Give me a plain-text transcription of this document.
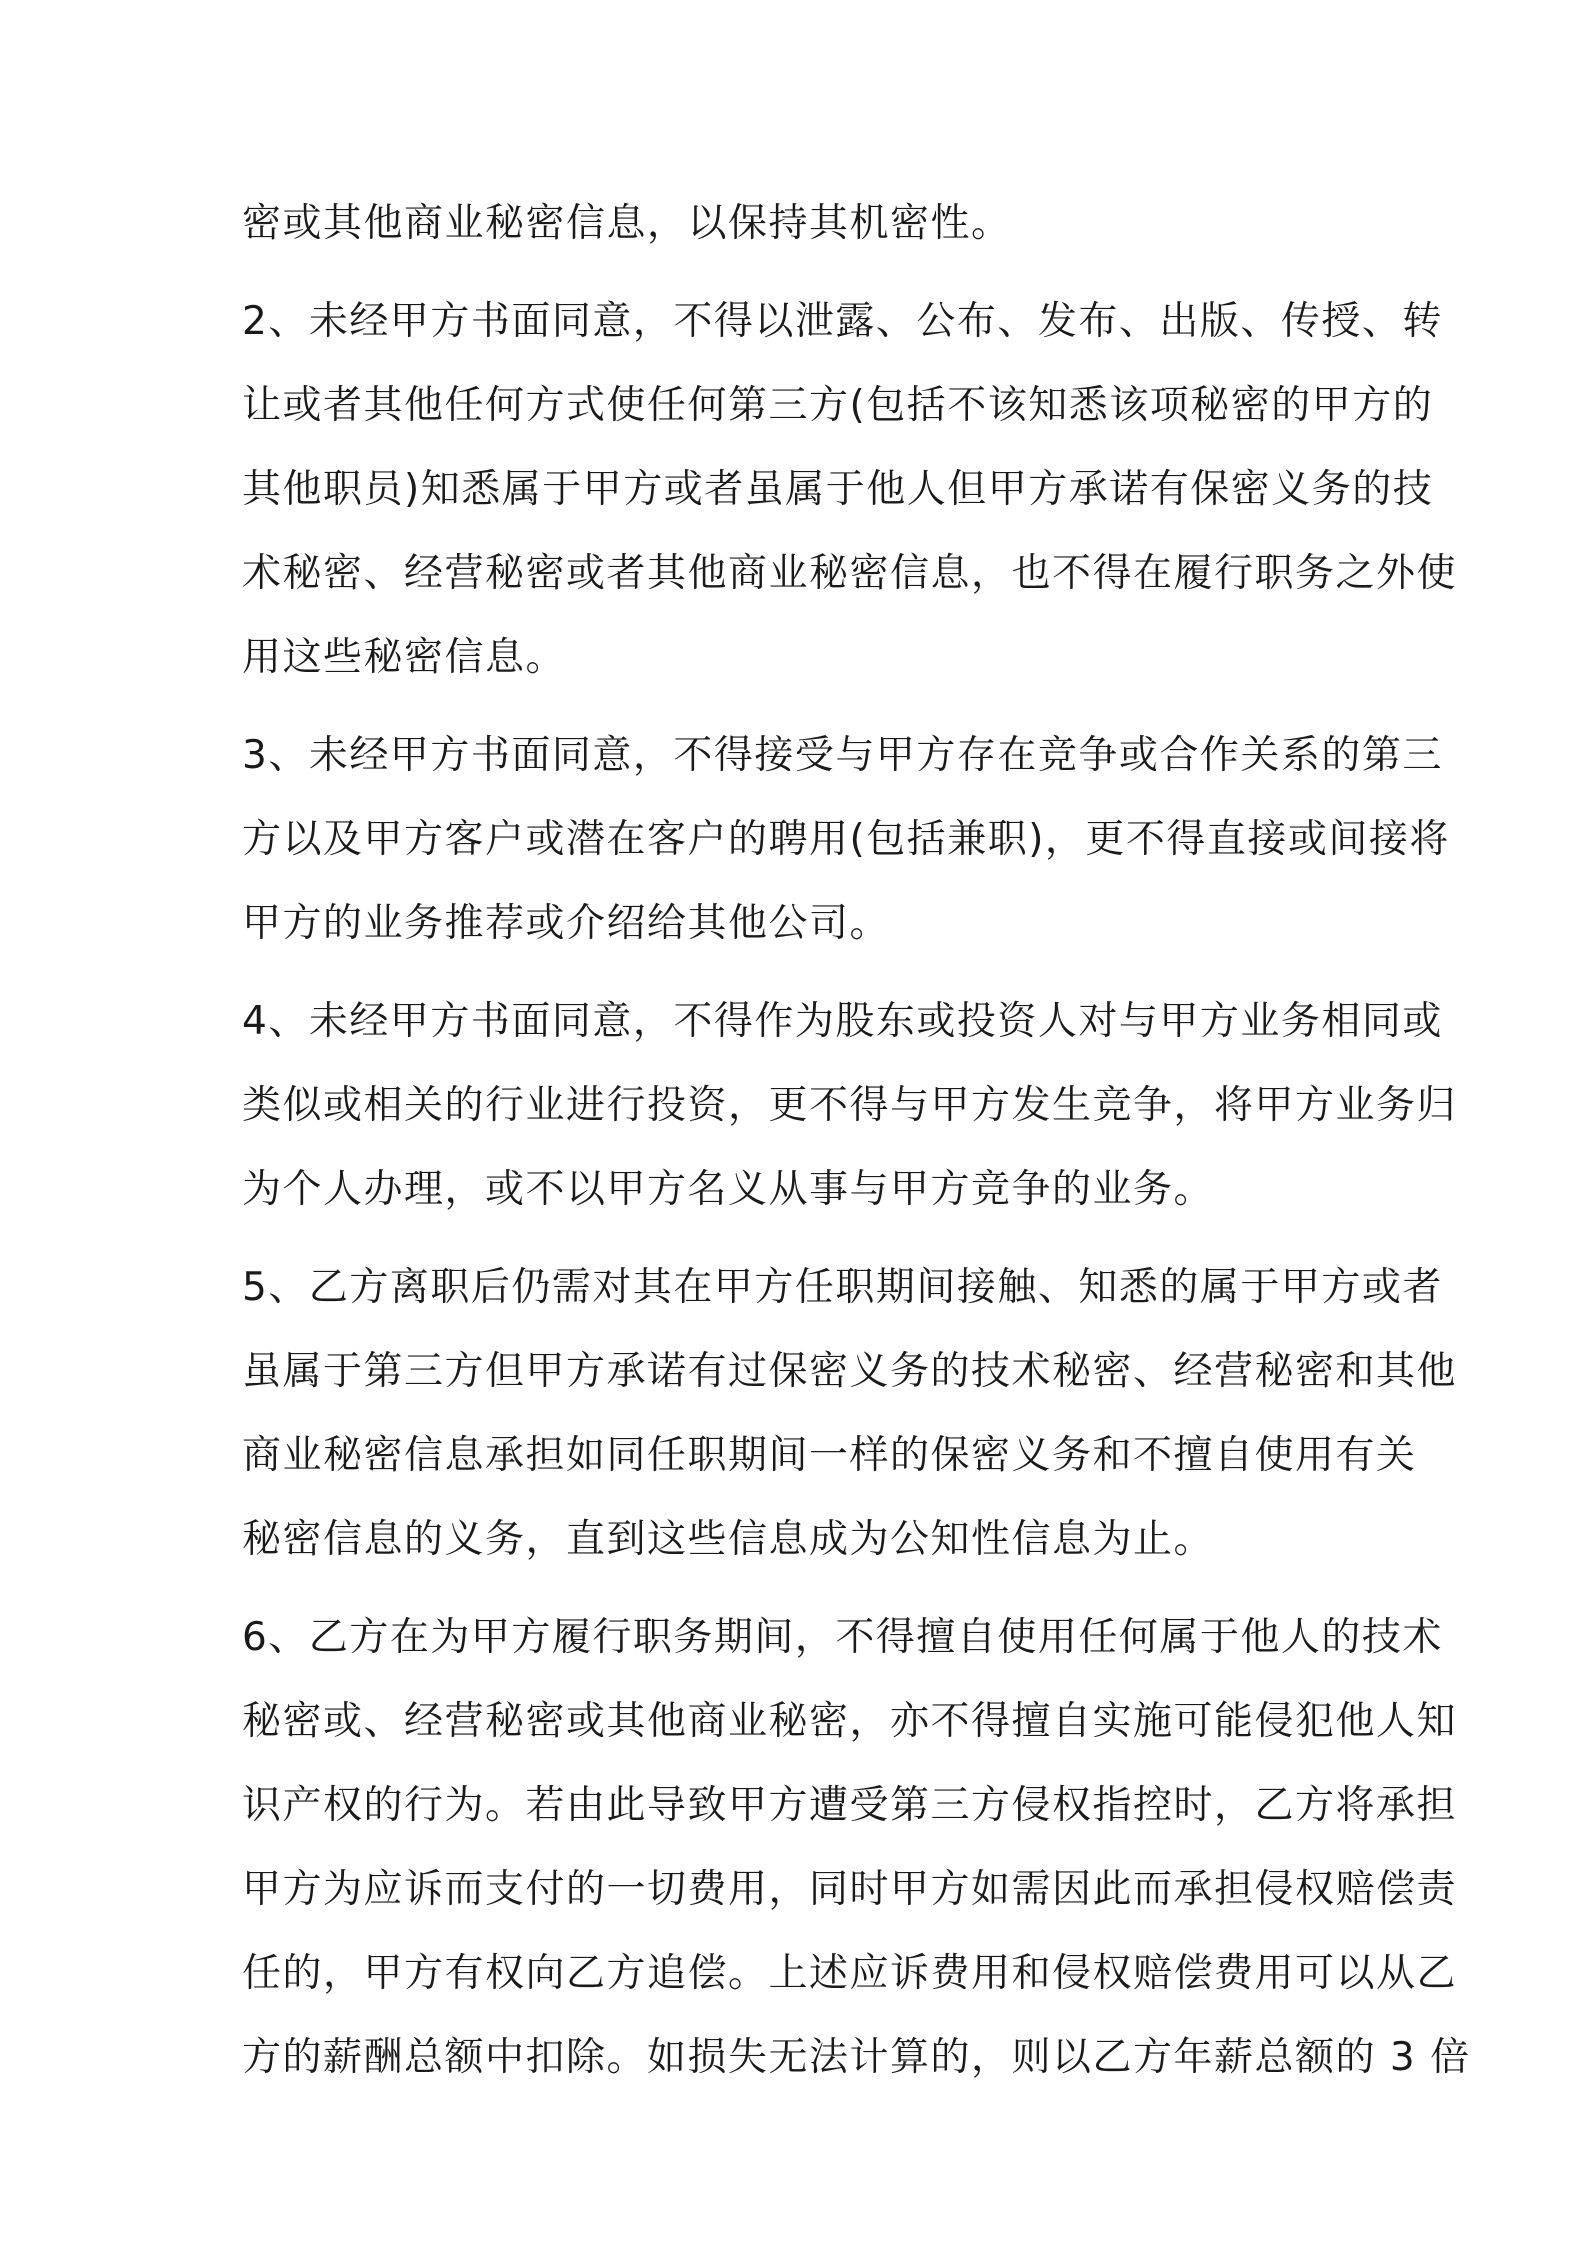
密或其他商业秘密信息，以保持其机密性。
2、未经甲方书面同意，不得以泄露、公布、发布、出版、传授、转
让或者其他任何方式使任何第三方(包括不该知悉该项秘密的甲方的
其他职员)知悉属于甲方或者虽属于他人但甲方承诺有保密义务的技
术秘密、经营秘密或者其他商业秘密信息，也不得在履行职务之外使
用这些秘密信息。
3、未经甲方书面同意，不得接受与甲方存在竞争或合作关系的第三
方以及甲方客户或潜在客户的聘用(包括兼职)，更不得直接或间接将
甲方的业务推荐或介绍给其他公司。
4、未经甲方书面同意，不得作为股东或投资人对与甲方业务相同或
类似或相关的行业进行投资，更不得与甲方发生竞争，将甲方业务归
为个人办理，或不以甲方名义从事与甲方竞争的业务。
5、乙方离职后仍需对其在甲方任职期间接触、知悉的属于甲方或者
虽属于第三方但甲方承诺有过保密义务的技术秘密、经营秘密和其他
商业秘密信息承担如同任职期间一样的保密义务和不擅自使用有关
秘密信息的义务，直到这些信息成为公知性信息为止。
6、乙方在为甲方履行职务期间，不得擅自使用任何属于他人的技术
秘密或、经营秘密或其他商业秘密，亦不得擅自实施可能侵犯他人知
识产权的行为。若由此导致甲方遭受第三方侵权指控时，乙方将承担
甲方为应诉而支付的一切费用，同时甲方如需因此而承担侵权赔偿责
任的，甲方有权向乙方追偿。上述应诉费用和侵权赔偿费用可以从乙
方的薪酬总额中扣除。如损失无法计算的，则以乙方年薪总额的 3 倍
